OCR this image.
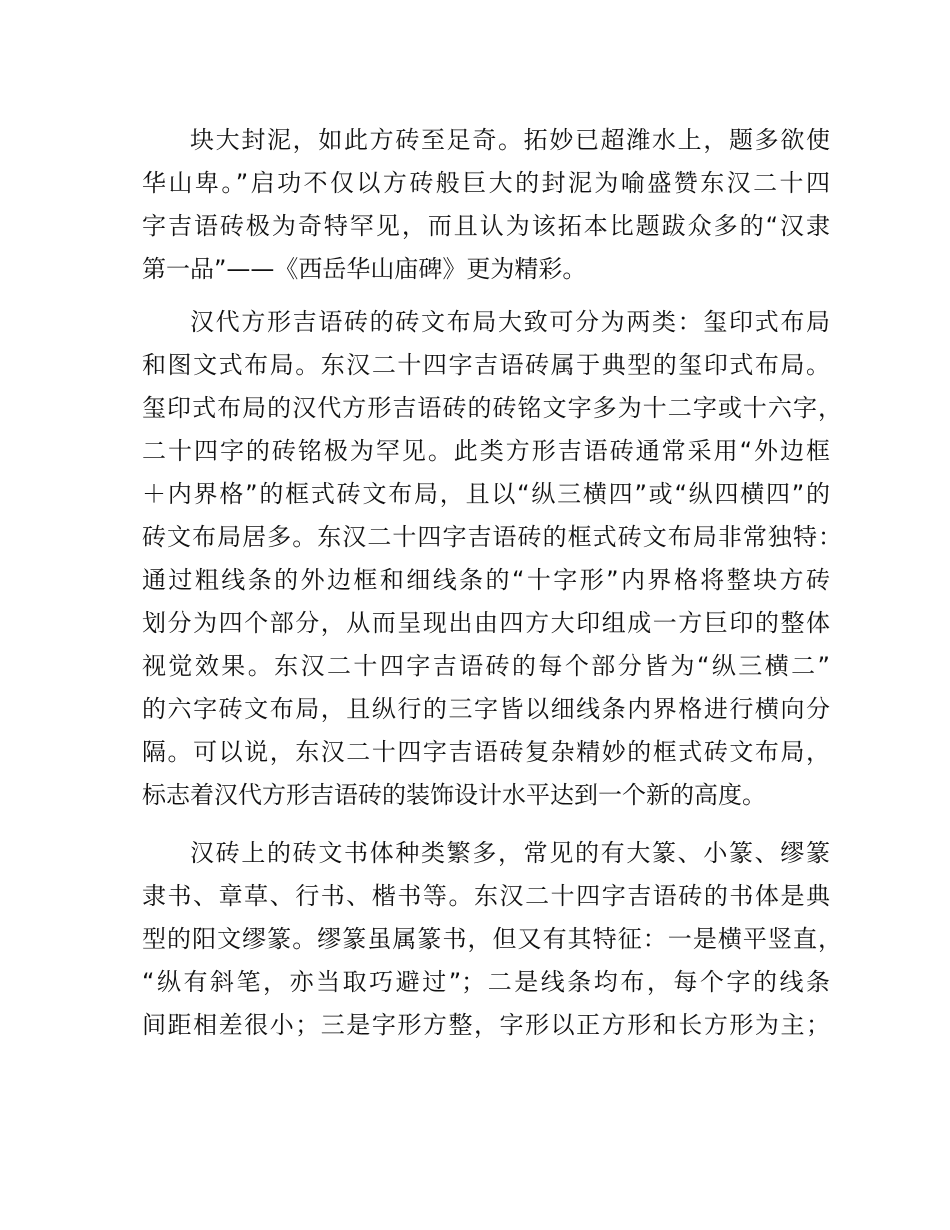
块大封泥，如此方砖至足奇。拓妙已超潍水上，题多欲使
华山卑。”启功不仅以方砖般巨大的封泥为喻盛赞东汉二十四
字吉语砖极为奇特罕见，而且认为该拓本比题跋众多的“汉隶
第一品”——《西岳华山庙碑》更为精彩。
汉代方形吉语砖的砖文布局大致可分为两类：玺印式布局
和图文式布局。东汉二十四字吉语砖属于典型的玺印式布局。
玺印式布局的汉代方形吉语砖的砖铭文字多为十二字或十六字，
二十四字的砖铭极为罕见。此类方形吉语砖通常采用“外边框
＋内界格”的框式砖文布局，且以“纵三横四”或“纵四横四”的
砖文布局居多。东汉二十四字吉语砖的框式砖文布局非常独特：
通过粗线条的外边框和细线条的“十字形”内界格将整块方砖
划分为四个部分，从而呈现出由四方大印组成一方巨印的整体
视觉效果。东汉二十四字吉语砖的每个部分皆为“纵三横二”
的六字砖文布局，且纵行的三字皆以细线条内界格进行横向分
隔。可以说，东汉二十四字吉语砖复杂精妙的框式砖文布局，
标志着汉代方形吉语砖的装饰设计水平达到一个新的高度。
汉砖上的砖文书体种类繁多，常见的有大篆、小篆、缪篆
隶书、章草、行书、楷书等。东汉二十四字吉语砖的书体是典
型的阳文缪篆。缪篆虽属篆书，但又有其特征：一是横平竖直，
“纵有斜笔，亦当取巧避过”；二是线条均布，每个字的线条
间距相差很小；三是字形方整，字形以正方形和长方形为主；
